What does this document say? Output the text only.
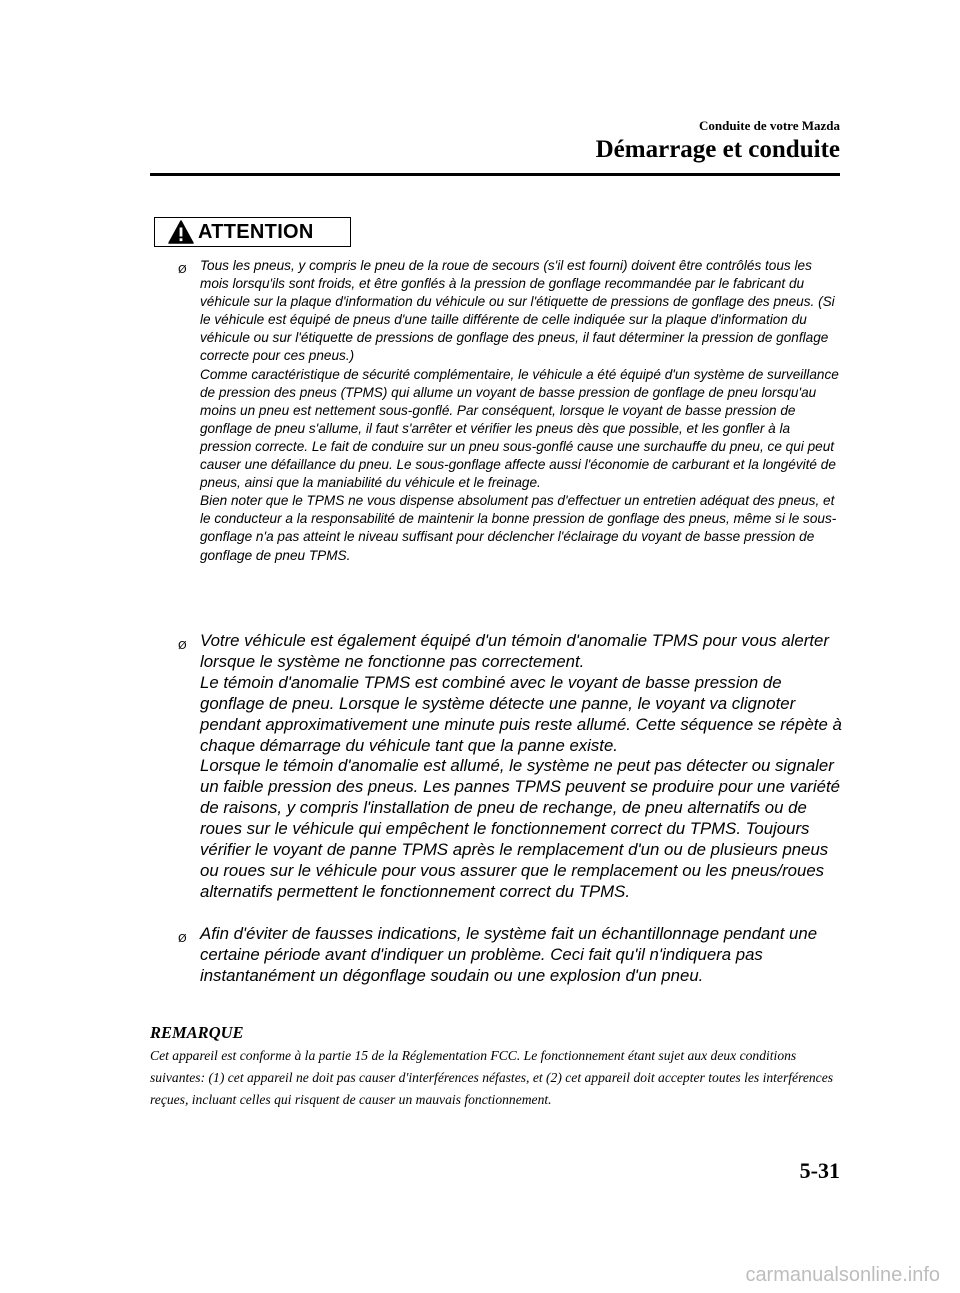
Conduite de votre Mazda
Démarrage et conduite
ATTENTION
Ø Tous les pneus, y compris le pneu de la roue de secours (s'il est fourni) doivent être contrôlés tous les mois lorsqu'ils sont froids, et être gonflés à la pression de gonflage recommandée par le fabricant du véhicule sur la plaque d'information du véhicule ou sur l'étiquette de pressions de gonflage des pneus. (Si le véhicule est équipé de pneus d'une taille différente de celle indiquée sur la plaque d'information du véhicule ou sur l'étiquette de pressions de gonflage des pneus, il faut déterminer la pression de gonflage correcte pour ces pneus.)
Comme caractéristique de sécurité complémentaire, le véhicule a été équipé d'un système de surveillance de pression des pneus (TPMS) qui allume un voyant de basse pression de gonflage de pneu lorsqu'au moins un pneu est nettement sous-gonflé. Par conséquent, lorsque le voyant de basse pression de gonflage de pneu s'allume, il faut s'arrêter et vérifier les pneus dès que possible, et les gonfler à la pression correcte. Le fait de conduire sur un pneu sous-gonflé cause une surchauffe du pneu, ce qui peut causer une défaillance du pneu. Le sous-gonflage affecte aussi l'économie de carburant et la longévité de pneus, ainsi que la maniabilité du véhicule et le freinage.
Bien noter que le TPMS ne vous dispense absolument pas d'effectuer un entretien adéquat des pneus, et le conducteur a la responsabilité de maintenir la bonne pression de gonflage des pneus, même si le sous-gonflage n'a pas atteint le niveau suffisant pour déclencher l'éclairage du voyant de basse pression de gonflage de pneu TPMS.

Ø Votre véhicule est également équipé d'un témoin d'anomalie TPMS pour vous alerter lorsque le système ne fonctionne pas correctement.
Le témoin d'anomalie TPMS est combiné avec le voyant de basse pression de gonflage de pneu. Lorsque le système détecte une panne, le voyant va clignoter pendant approximativement une minute puis reste allumé. Cette séquence se répète à chaque démarrage du véhicule tant que la panne existe.
Lorsque le témoin d'anomalie est allumé, le système ne peut pas détecter ou signaler un faible pression des pneus. Les pannes TPMS peuvent se produire pour une variété de raisons, y compris l'installation de pneu de rechange, de pneu alternatifs ou de roues sur le véhicule qui empêchent le fonctionnement correct du TPMS. Toujours vérifier le voyant de panne TPMS après le remplacement d'un ou de plusieurs pneus ou roues sur le véhicule pour vous assurer que le remplacement ou les pneus/roues alternatifs permettent le fonctionnement correct du TPMS.

Ø Afin d'éviter de fausses indications, le système fait un échantillonnage pendant une certaine période avant d'indiquer un problème. Ceci fait qu'il n'indiquera pas instantanément un dégonflage soudain ou une explosion d'un pneu.

REMARQUE

Cet appareil est conforme à la partie 15 de la Réglementation FCC. Le fonctionnement étant sujet aux deux conditions suivantes: (1) cet appareil ne doit pas causer d'interférences néfastes, et (2) cet appareil doit accepter toutes les interférences reçues, incluant celles qui risquent de causer un mauvais fonctionnement.

5-31
carmanualsonline.info
